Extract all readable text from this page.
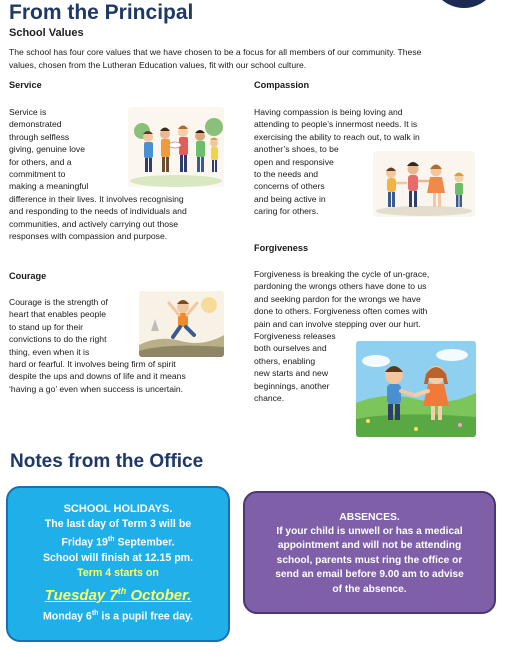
From the Principal
School Values
The school has four core values that we have chosen to be a focus for all members of our community. These
values, chosen from the Lutheran Education values, fit with our school culture.
Service
Service is
demonstrated
through selfless
giving, genuine love
for others, and a
commitment to
making a meaningful
difference in their lives. It involves recognising
and responding to the needs of individuals and
communities, and actively carrying out those
responses with compassion and purpose.
Courage
Courage is the strength of
heart that enables people
to stand up for their
convictions to do the right
thing, even when it is
hard or fearful. It involves being firm of spirit
despite the ups and downs of life and it means
‘having a go’ even when success is uncertain.
Compassion
Having compassion is being loving and
attending to people’s innermost needs. It is
exercising the ability to reach out, to walk in
another’s shoes, to be
open and responsive
to the needs and
concerns of others
and being active in
caring for others.
Forgiveness
Forgiveness is breaking the cycle of un-grace,
pardoning the wrongs others have done to us
and seeking pardon for the wrongs we have
done to others. Forgiveness often comes with
pain and can involve stepping over our hurt.
Forgiveness releases
both ourselves and
others, enabling
new starts and new
beginnings, another
chance.
Notes from the Office
SCHOOL HOLIDAYS.
The last day of Term 3 will be
Friday 19th September.
School will finish at 12.15 pm.
Term 4 starts on
Tuesday 7th October.
Monday 6th is a pupil free day.
ABSENCES.
If your child is unwell or has a medical
appointment and will not be attending
school, parents must ring the office or
send an email before 9.00 am to advise
of the absence.
